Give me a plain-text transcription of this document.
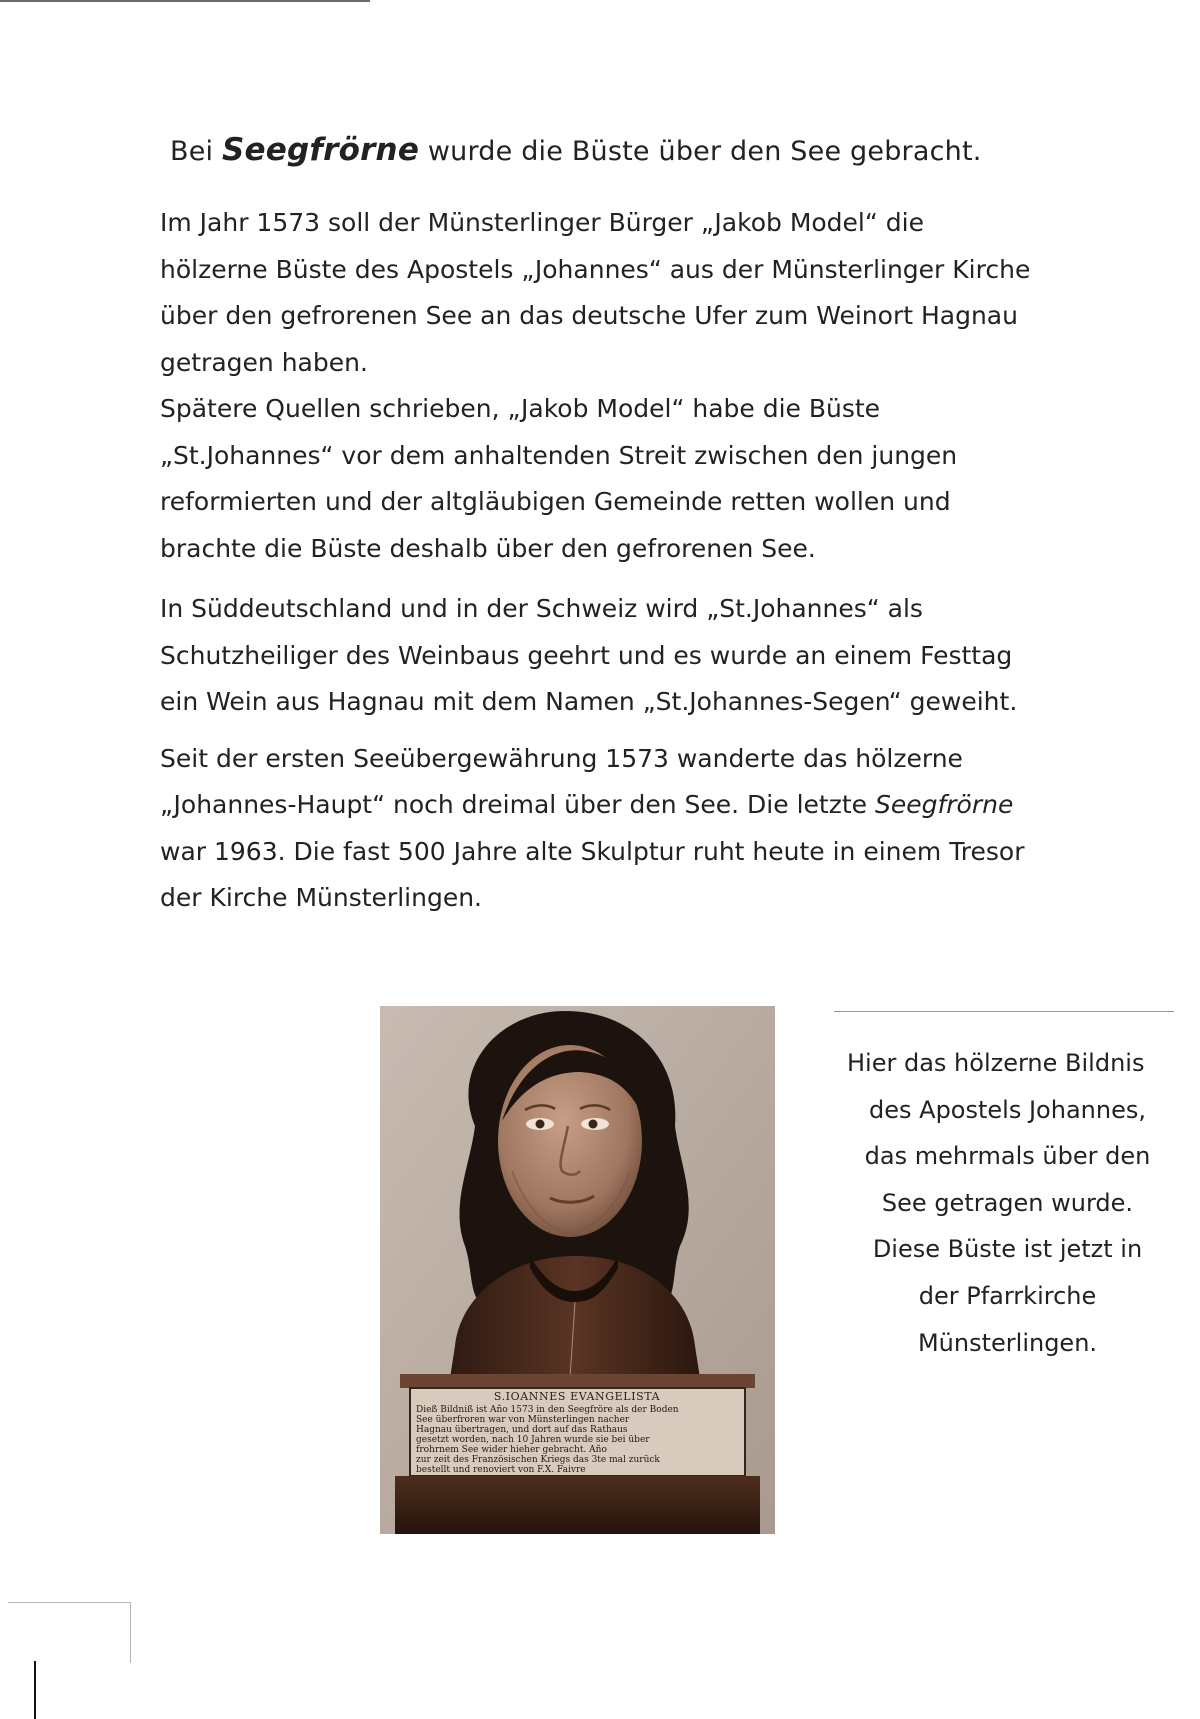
Bei Seegfrörne wurde die Büste über den See gebracht.

Im Jahr 1573 soll der Münsterlinger Bürger „Jakob Model“ die

hölzerne Büste des Apostels „Johannes“ aus der Münsterlinger Kirche

über den gefrorenen See an das deutsche Ufer zum Weinort Hagnau

getragen haben.

Spätere Quellen schrieben, „Jakob Model“ habe die Büste

„St.Johannes“ vor dem anhaltenden Streit zwischen den jungen

reformierten und der altgläubigen Gemeinde retten wollen und

brachte die Büste deshalb über den gefrorenen See.

In Süddeutschland und in der Schweiz wird „St.Johannes“ als

Schutzheiliger des Weinbaus geehrt und es wurde an einem Festtag

ein Wein aus Hagnau mit dem Namen „St.Johannes-Segen“ geweiht.

Seit der ersten Seeübergewährung 1573 wanderte das hölzerne

„Johannes-Haupt“ noch dreimal über den See. Die letzte Seegfrörne

war 1963. Die fast 500 Jahre alte Skulptur ruht heute in einem Tresor

der Kirche Münsterlingen.

S.IOANNES EVANGELISTA
Dieß Bildniß ist Año 1573 in den Seegfröre als der Boden
See überfroren war von Münsterlingen nacher
Hagnau übertragen, und dort auf das Rathaus
gesetzt worden, nach 10 Jahren wurde sie bei über
frohrnem See wider hieher gebracht. Año
zur zeit des Französischen Kriegs das 3te mal zurück
bestellt und renoviert von F.X. Faivre

Hier das hölzerne Bildnis

des Apostels Johannes,

das mehrmals über den

See getragen wurde.

Diese Büste ist jetzt in

der Pfarrkirche

Münsterlingen.
